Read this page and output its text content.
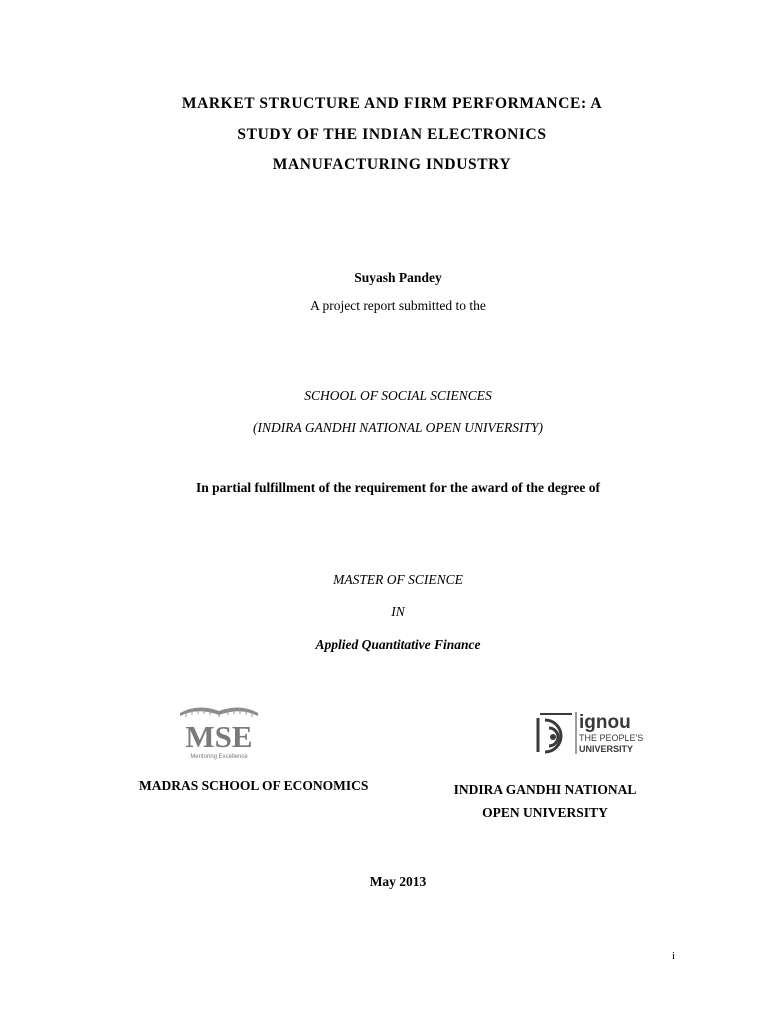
MARKET STRUCTURE AND FIRM PERFORMANCE: A
STUDY OF THE INDIAN ELECTRONICS
MANUFACTURING INDUSTRY
Suyash Pandey
A project report submitted to the
SCHOOL OF SOCIAL SCIENCES
(INDIRA GANDHI NATIONAL OPEN UNIVERSITY)
In partial fulfillment of the requirement for the award of the degree of
MASTER OF SCIENCE
IN
Applied Quantitative Finance
MSE
Mentoring Excellence
ignou
THE PEOPLE'S
UNIVERSITY
MADRAS SCHOOL OF ECONOMICS	INDIRA GANDHI NATIONAL
OPEN UNIVERSITY
May 2013
i
